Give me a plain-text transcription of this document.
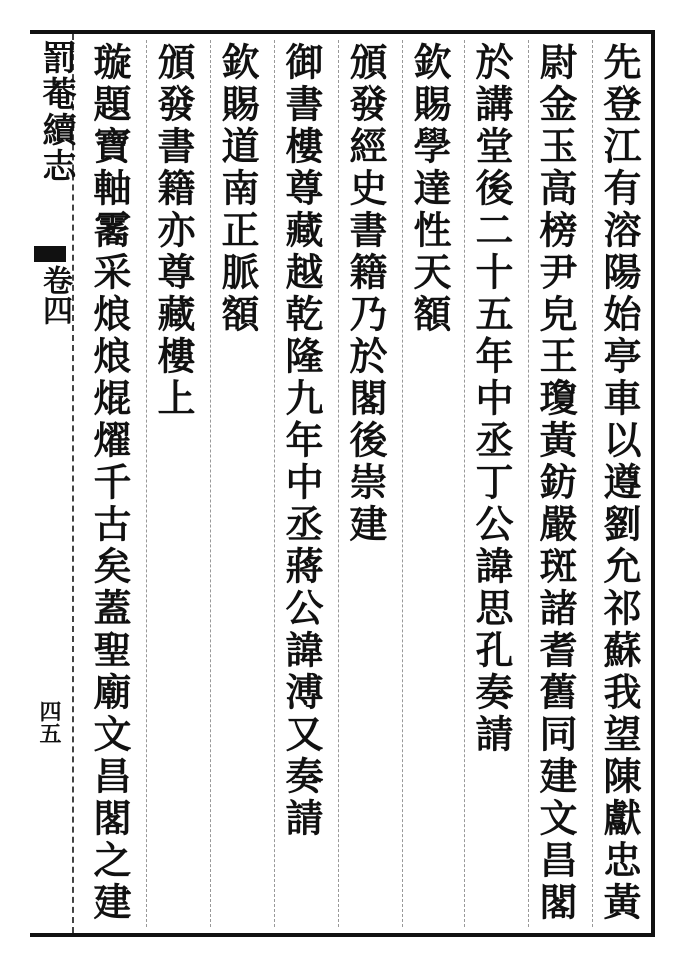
罰菴續志
卷四
四五	先登江有溶陽始亭車以遵劉允祁蘇我望陳獻忠黃
尉金玉高榜尹皃王瓊黃鈁嚴斑諸耆舊同建文昌閣
於講堂後二十五年中丞丁公諱思孔奏請
欽賜學達性天額
頒發經史書籍乃於閣後崇建
御書樓尊藏越乾隆九年中丞蔣公諱溥又奏請
欽賜道南正脈額
頒發書籍亦尊藏樓上
璇題寶軸霱采烺烺焜燿千古矣蓋聖廟文昌閣之建
